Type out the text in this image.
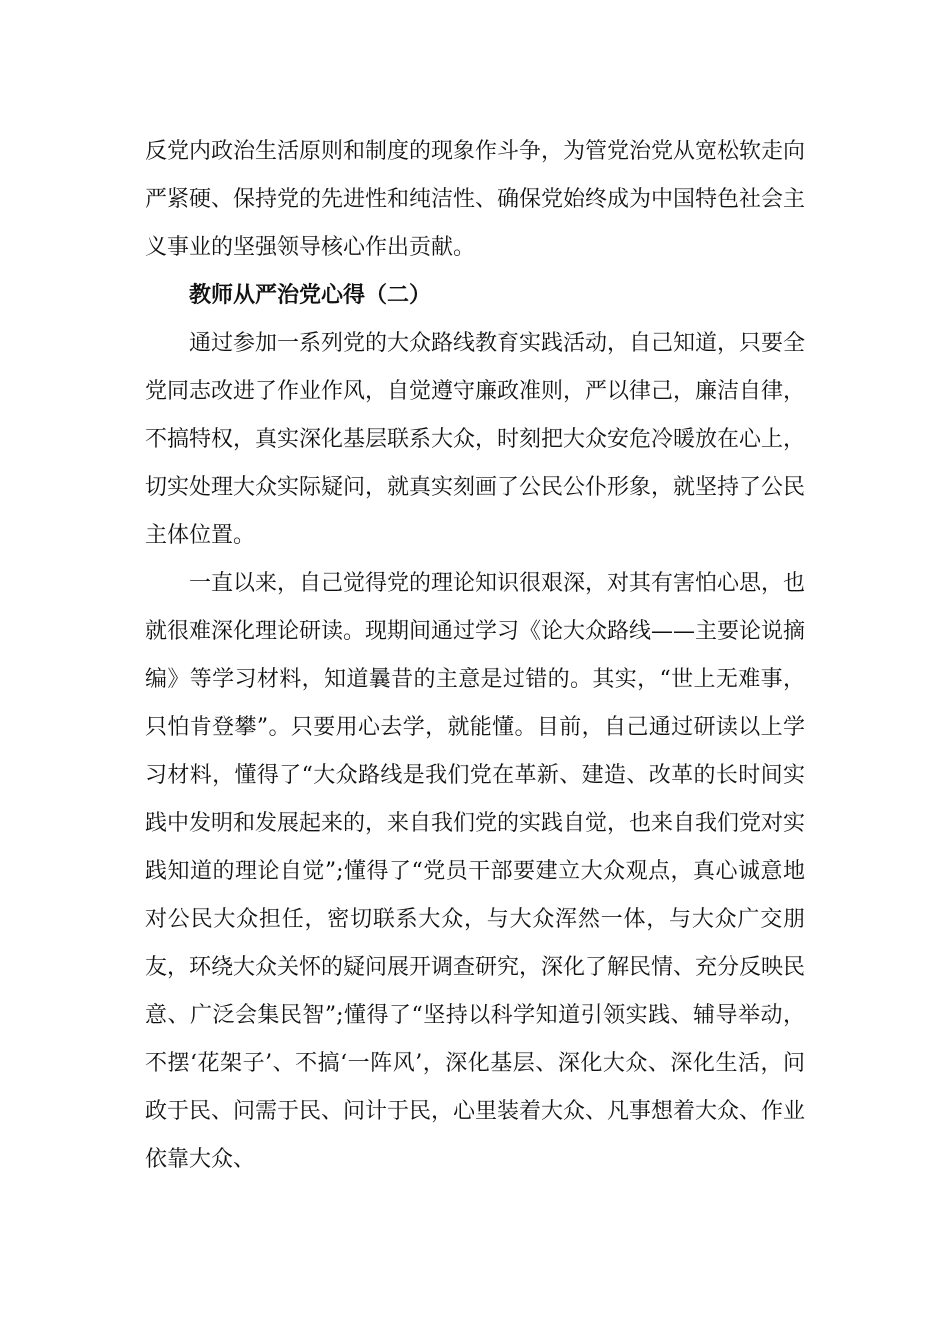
反党内政治生活原则和制度的现象作斗争，为管党治党从宽松软走向严紧硬、保持党的先进性和纯洁性、确保党始终成为中国特色社会主义事业的坚强领导核心作出贡献。

教师从严治党心得（二）

通过参加一系列党的大众路线教育实践活动，自己知道，只要全党同志改进了作业作风，自觉遵守廉政准则，严以律己，廉洁自律，不搞特权，真实深化基层联系大众，时刻把大众安危冷暖放在心上，切实处理大众实际疑问，就真实刻画了公民公仆形象，就坚持了公民主体位置。

一直以来，自己觉得党的理论知识很艰深，对其有害怕心思，也就很难深化理论研读。现期间通过学习《论大众路线——主要论说摘编》等学习材料，知道曩昔的主意是过错的。其实，“世上无难事，只怕肯登攀”。只要用心去学，就能懂。目前，自己通过研读以上学习材料，懂得了“大众路线是我们党在革新、建造、改革的长时间实践中发明和发展起来的，来自我们党的实践自觉，也来自我们党对实践知道的理论自觉”;懂得了“党员干部要建立大众观点，真心诚意地对公民大众担任，密切联系大众，与大众浑然一体，与大众广交朋友，环绕大众关怀的疑问展开调查研究，深化了解民情、充分反映民意、广泛会集民智”;懂得了“坚持以科学知道引领实践、辅导举动，不摆‘花架子’、不搞‘一阵风’，深化基层、深化大众、深化生活，问政于民、问需于民、问计于民，心里装着大众、凡事想着大众、作业依靠大众、
